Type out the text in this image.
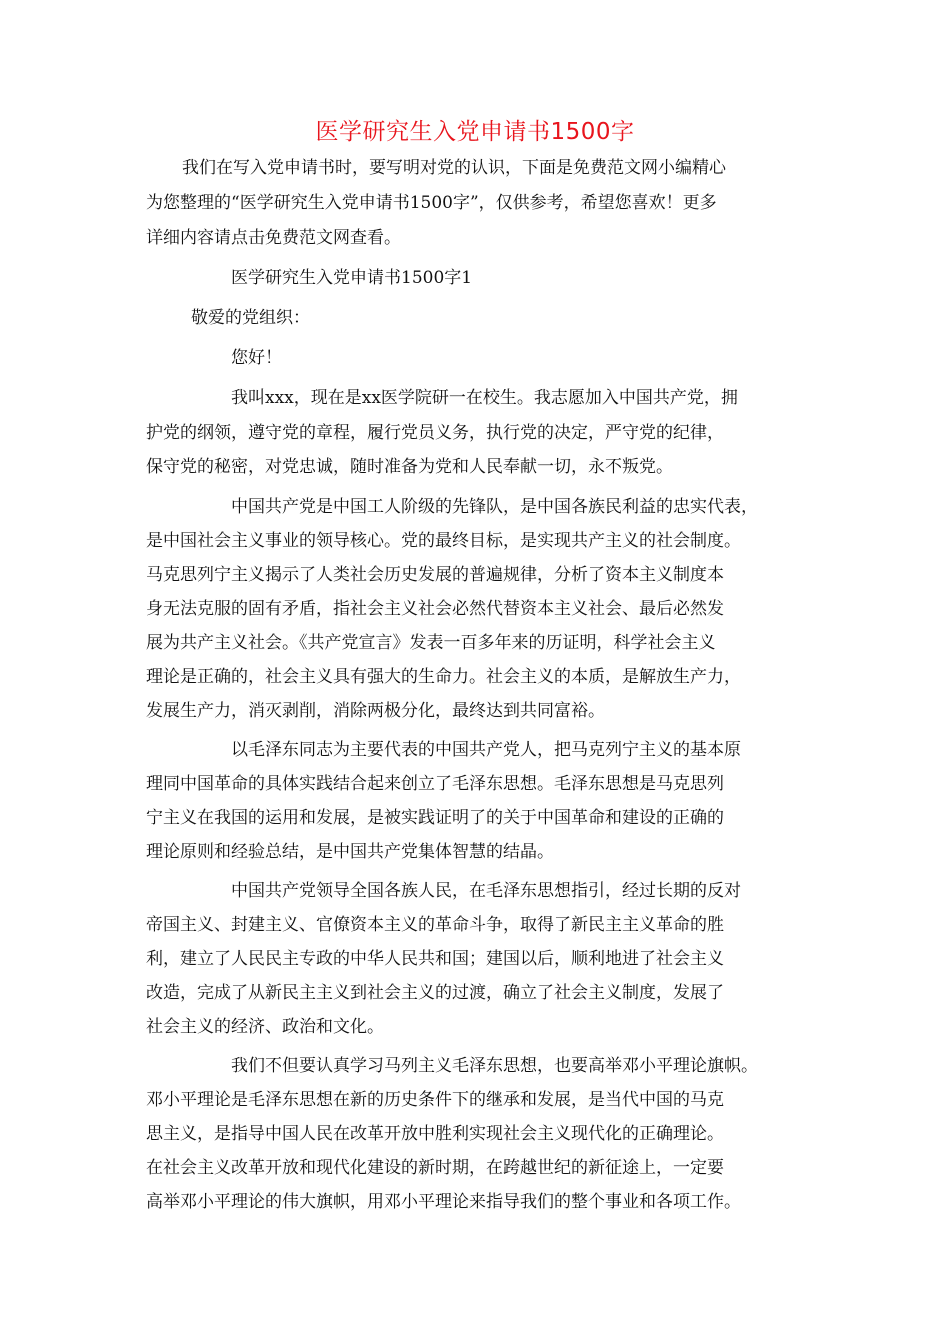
医学研究生入党申请书1500字
我们在写入党申请书时，要写明对党的认识，下面是免费范文网小编精心
为您整理的“医学研究生入党申请书1500字”，仅供参考，希望您喜欢！更多
详细内容请点击免费范文网查看。
医学研究生入党申请书1500字1
敬爱的党组织：
您好！
我叫xxx，现在是xx医学院研一在校生。我志愿加入中国共产党，拥
护党的纲领，遵守党的章程，履行党员义务，执行党的决定，严守党的纪律，
保守党的秘密，对党忠诚，随时准备为党和人民奉献一切，永不叛党。
中国共产党是中国工人阶级的先锋队，是中国各族民利益的忠实代表，
是中国社会主义事业的领导核心。党的最终目标，是实现共产主义的社会制度。
马克思列宁主义揭示了人类社会历史发展的普遍规律，分析了资本主义制度本
身无法克服的固有矛盾，指社会主义社会必然代替资本主义社会、最后必然发
展为共产主义社会。《共产党宣言》发表一百多年来的历证明，科学社会主义
理论是正确的，社会主义具有强大的生命力。社会主义的本质，是解放生产力，
发展生产力，消灭剥削，消除两极分化，最终达到共同富裕。
以毛泽东同志为主要代表的中国共产党人，把马克列宁主义的基本原
理同中国革命的具体实践结合起来创立了毛泽东思想。毛泽东思想是马克思列
宁主义在我国的运用和发展，是被实践证明了的关于中国革命和建设的正确的
理论原则和经验总结，是中国共产党集体智慧的结晶。
中国共产党领导全国各族人民，在毛泽东思想指引，经过长期的反对
帝国主义、封建主义、官僚资本主义的革命斗争，取得了新民主主义革命的胜
利，建立了人民民主专政的中华人民共和国；建国以后，顺利地进了社会主义
改造，完成了从新民主主义到社会主义的过渡，确立了社会主义制度，发展了
社会主义的经济、政治和文化。
我们不但要认真学习马列主义毛泽东思想，也要高举邓小平理论旗帜。
邓小平理论是毛泽东思想在新的历史条件下的继承和发展，是当代中国的马克
思主义，是指导中国人民在改革开放中胜利实现社会主义现代化的正确理论。
在社会主义改革开放和现代化建设的新时期，在跨越世纪的新征途上，一定要
高举邓小平理论的伟大旗帜，用邓小平理论来指导我们的整个事业和各项工作。
